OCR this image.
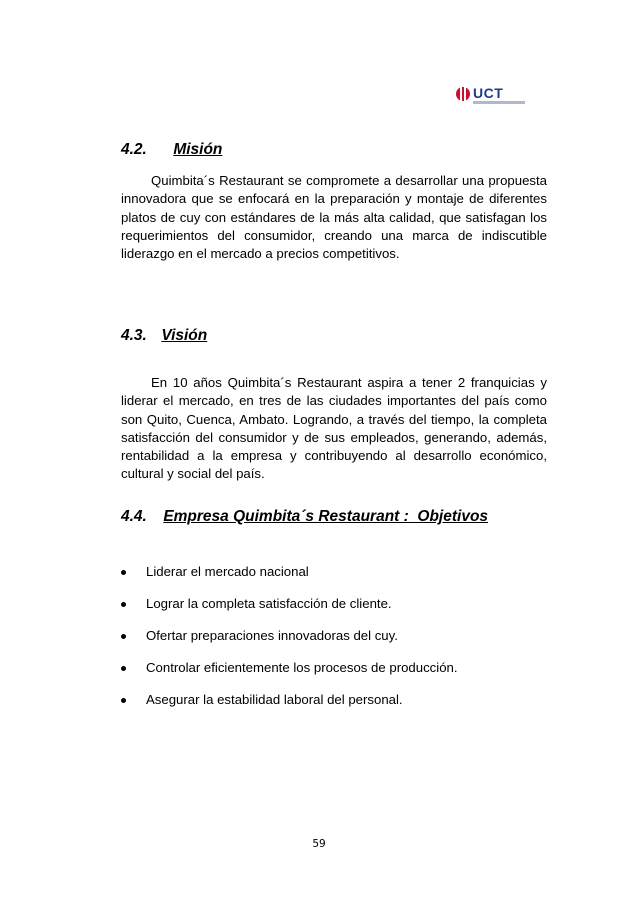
UCT
4.2. Misión
Quimbita´s Restaurant se compromete a desarrollar una propuesta innovadora que se enfocará en la preparación y montaje de diferentes platos de cuy con estándares de la más alta calidad, que satisfagan los requerimientos del consumidor, creando una marca de indiscutible liderazgo en el mercado a precios competitivos.
4.3. Visión
En 10 años Quimbita´s Restaurant aspira a tener 2 franquicias y liderar el mercado, en tres de las ciudades importantes del país como son Quito, Cuenca, Ambato. Logrando, a través del tiempo, la completa satisfacción del consumidor y de sus empleados, generando, además, rentabilidad a la empresa y contribuyendo al desarrollo económico, cultural y social del país.
4.4. Empresa Quimbita´s Restaurant :  Objetivos
Liderar el mercado nacional
Lograr la completa satisfacción de cliente.
Ofertar preparaciones innovadoras del cuy.
Controlar eficientemente los procesos de producción.
Asegurar la estabilidad laboral del personal.
59
